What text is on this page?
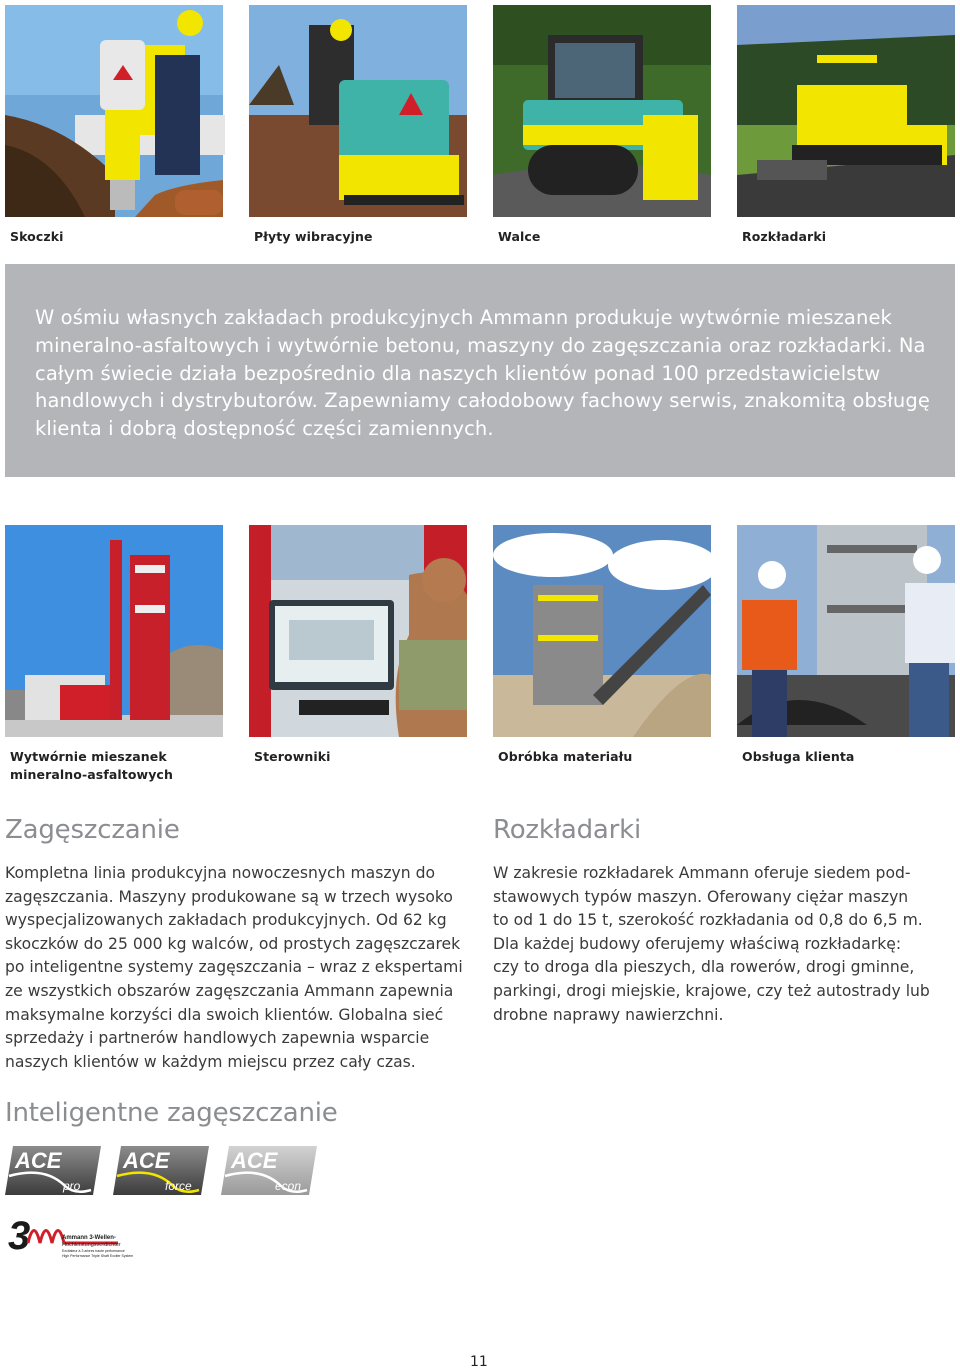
Skoczki	Płyty wibracyjne	Walce	Rozkładarki

W ośmiu własnych zakładach produkcyjnych Ammann produkuje wytwórnie mieszanek mineralno-asfaltowych i wytwórnie betonu, maszyny do zagęszczania oraz rozkładarki. Na całym świecie działa bezpośrednio dla naszych klientów ponad 100 przedstawicielstw handlowych i dystrybutorów. Zapewniamy całodobowy fachowy serwis, znakomitą obsługę klienta i dobrą dostępność części zamiennych.

Wytwórnie mieszanek
mineralno-asfaltowych
Sterowniki	Obróbka materiału	Obsługa klienta
Zagęszczanie
Kompletna linia produkcyjna nowoczesnych maszyn do
zagęszczania. Maszyny produkowane są w trzech wysoko
wyspecjalizowanych zakładach produkcyjnych. Od 62 kg
skoczków do 25 000 kg walców, od prostych zagęszczarek
po inteligentne systemy zagęszczania – wraz z ekspertami
ze wszystkich obszarów zagęszczania Ammann zapewnia
maksymalne korzyści dla swoich klientów. Globalna sieć
sprzedaży i partnerów handlowych zapewnia wsparcie
naszych klientów w każdym miejscu przez cały czas.
Rozkładarki
W zakresie rozkładarek Ammann oferuje siedem pod-
stawowych typów maszyn. Oferowany ciężar maszyn
to od 1 do 15 t, szerokość rozkładania od 0,8 do 6,5 m.
Dla każdej budowy oferujemy właściwą rozkładarkę:
czy to droga dla pieszych, dla rowerów, drogi gminne,
parkingi, drogi miejskie, krajowe, czy też autostrady lub
drobne naprawy nawierzchni.
Inteligentne zagęszczanie
ACE
pro
ACE
force
ACE
econ
3	Ammann 3-Wellen-
Hochleistungsverdichter
Excitateur à 3 arbres haute performance
High Performance Triple Shaft Exciter System
11
